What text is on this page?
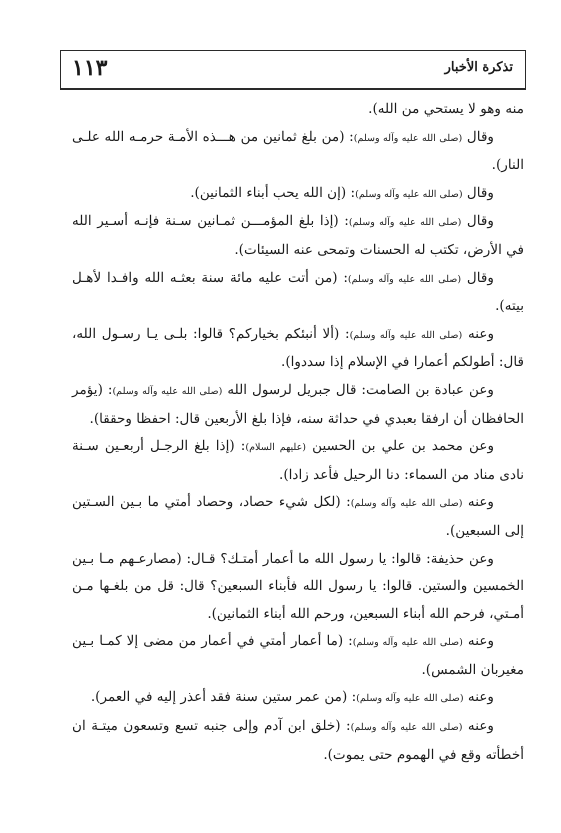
تذكرة الأخبار
١١٣

منه وهو لا يستحي من الله).

وقال (صلى الله عليه وآله وسلم): (من بلغ ثمانين من هـــذه الأمـة حرمـه الله علـى النار).

وقال (صلى الله عليه وآله وسلم): (إن الله يحب أبناء الثمانين).

وقال (صلى الله عليه وآله وسلم): (إذا بلغ المؤمـــن ثمـانين سـنة فإنـه أسـير الله في الأرض، تكتب له الحسنات وتمحى عنه السيئات).

وقال (صلى الله عليه وآله وسلم): (من أتت عليه مائة سنة بعثـه الله وافـدا لأهـل بيته).

وعنه (صلى الله عليه وآله وسلم): (ألا أنبئكم بخياركم؟ قالوا: بلـى يـا رسـول الله، قال: أطولكم أعمارا في الإسلام إذا سددوا).

وعن عبادة بن الصامت: قال جبريل لرسول الله (صلى الله عليه وآله وسلم): (يؤمر الحافظان أن ارفقا بعبدي في حداثة سنه، فإذا بلغ الأربعين قال: احفظا وحققا).

وعن محمد بن علي بن الحسين (عليهم السلام): (إذا بلغ الرجـل أربعـين سـنة نادى مناد من السماء: دنا الرحيل فأعد زادا).

وعنه (صلى الله عليه وآله وسلم): (لكل شيء حصاد، وحصاد أمتي ما بـين السـتين إلى السبعين).

وعن حذيفة: قالوا: يا رسول الله ما أعمار أمتـك؟ قـال: (مصارعـهم مـا بـين الخمسين والستين. قالوا: يا رسول الله فأبناء السبعين؟ قال: قل من بلغـها مـن أمـتي، فرحم الله أبناء السبعين، ورحم الله أبناء الثمانين).

وعنه (صلى الله عليه وآله وسلم): (ما أعمار أمتي في أعمار من مضى إلا كمـا بـين مغيربان الشمس).

وعنه (صلى الله عليه وآله وسلم): (من عمر ستين سنة فقد أعذر إليه في العمر).

وعنه (صلى الله عليه وآله وسلم): (خلق ابن آدم وإلى جنبه تسع وتسعون ميتـة ان أخطأته وقع في الهموم حتى يموت).
